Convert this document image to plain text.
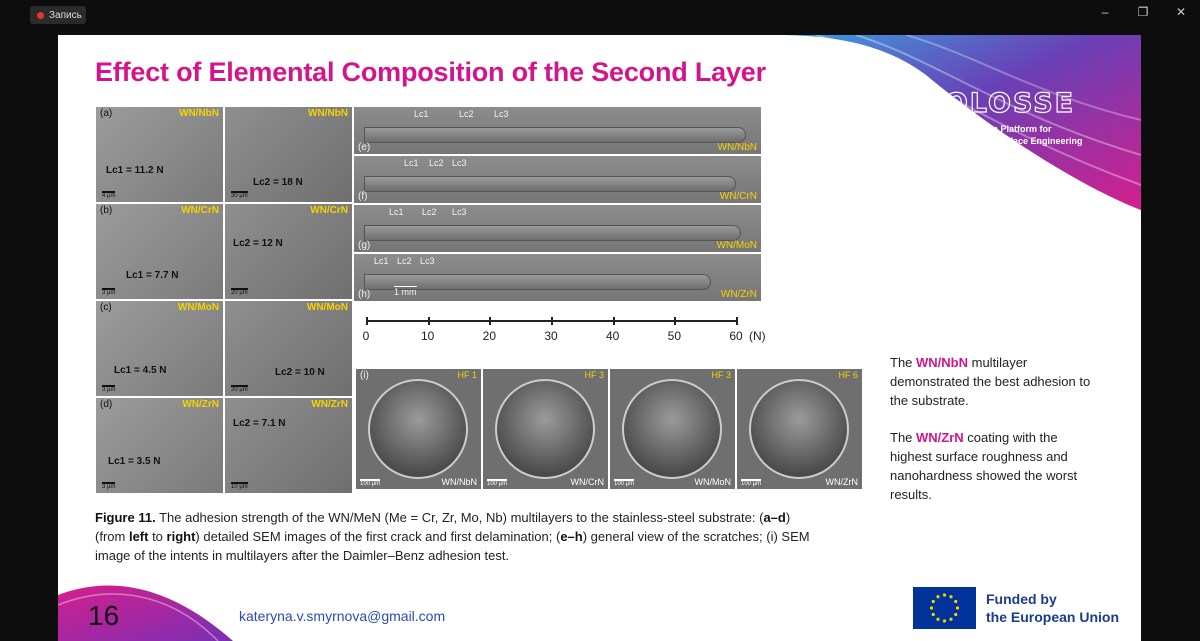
Запись	–	❐	✕
Effect of Elemental Composition of the Second Layer
COLOSSE
Central European Platform for
Plasma-Enabled Surface Engineering
(a)	WN/NbN
Lc1 = 11.2 N
4 µm
WN/NbN
Lc2 = 18 N
30 µm
(b)	WN/CrN
Lc1 = 7.7 N
3 µm
WN/CrN
Lc2 = 12 N
20 µm
(c)	WN/MoN
Lc1 = 4.5 N
3 µm
WN/MoN
Lc2 = 10 N
20 µm
(d)	WN/ZrN
Lc1 = 3.5 N
3 µm
WN/ZrN
Lc2 = 7.1 N
10 µm
(e)	WN/NbN
Lc1	Lc2 Lc3
(f)	WN/CrN
Lc1 Lc2 Lc3
(g)	WN/MoN
Lc1 Lc2 Lc3
(h)	WN/ZrN
Lc1 Lc2 Lc3
1 mm
0	10	20	30	40	50	60 (N)
(i)	HF 1
WN/NbN
100 µm
HF 3
WN/CrN
100 µm
HF 3
WN/MoN
100 µm
HF 6
WN/ZrN
100 µm
Figure 11. The adhesion strength of the WN/MeN (Me = Cr, Zr, Mo, Nb) multilayers to the stainless-steel substrate: (a–d) (from left to right) detailed SEM images of the first crack and first delamination; (e–h) general view of the scratches; (i) SEM image of the intents in multilayers after the Daimler–Benz adhesion test.

The WN/NbN multilayer demonstrated the best adhesion to the substrate.

The WN/ZrN coating with the highest surface roughness and nanohardness showed the worst results.

16	kateryna.v.smyrnova@gmail.com
Funded by
the European Union
